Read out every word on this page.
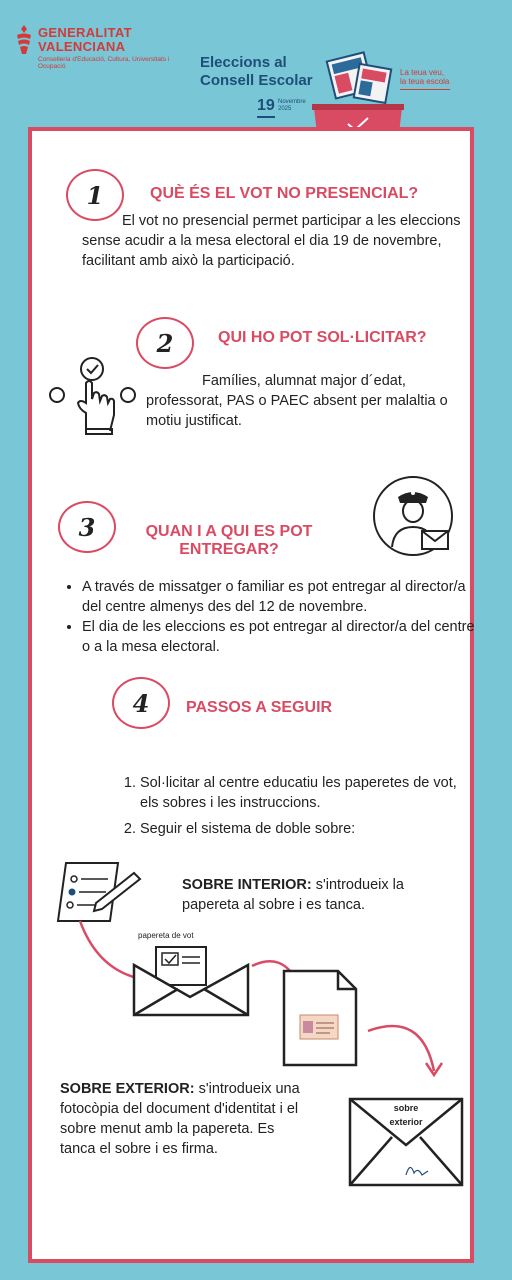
GENERALITAT
VALENCIANA
Conselleria d'Educació, Cultura, Universitats i Ocupació	Eleccions al
Consell Escolar
19 Novembre
2025
La teua veu,
la teua escola
1	QUÈ ÉS EL VOT NO PRESENCIAL?
El vot no presencial permet participar a les eleccions sense acudir a la mesa electoral el dia 19 de novembre, facilitant amb això la participació.
2	QUI HO POT SOL·LICITAR?
Famílies, alumnat major d´edat, professorat, PAS o PAEC absent per malaltia o motiu justificat.
3	QUAN I A QUI ES POT
ENTREGAR?
• A través de missatger o familiar es pot entregar al director/a del centre almenys des del 12 de novembre.
• El dia de les eleccions es pot entregar al director/a del centre o a la mesa electoral.
4	PASSOS A SEGUIR
1. Sol·licitar al centre educatiu les paperetes de vot, els sobres i les instruccions.
2. Seguir el sistema de doble sobre:
SOBRE INTERIOR: s'introdueix la papereta al sobre i es tanca.
papereta de vot
SOBRE EXTERIOR: s'introdueix una fotocòpia del document d'identitat i el sobre menut amb la papereta. Es tanca el sobre i es firma.
sobre
exterior
